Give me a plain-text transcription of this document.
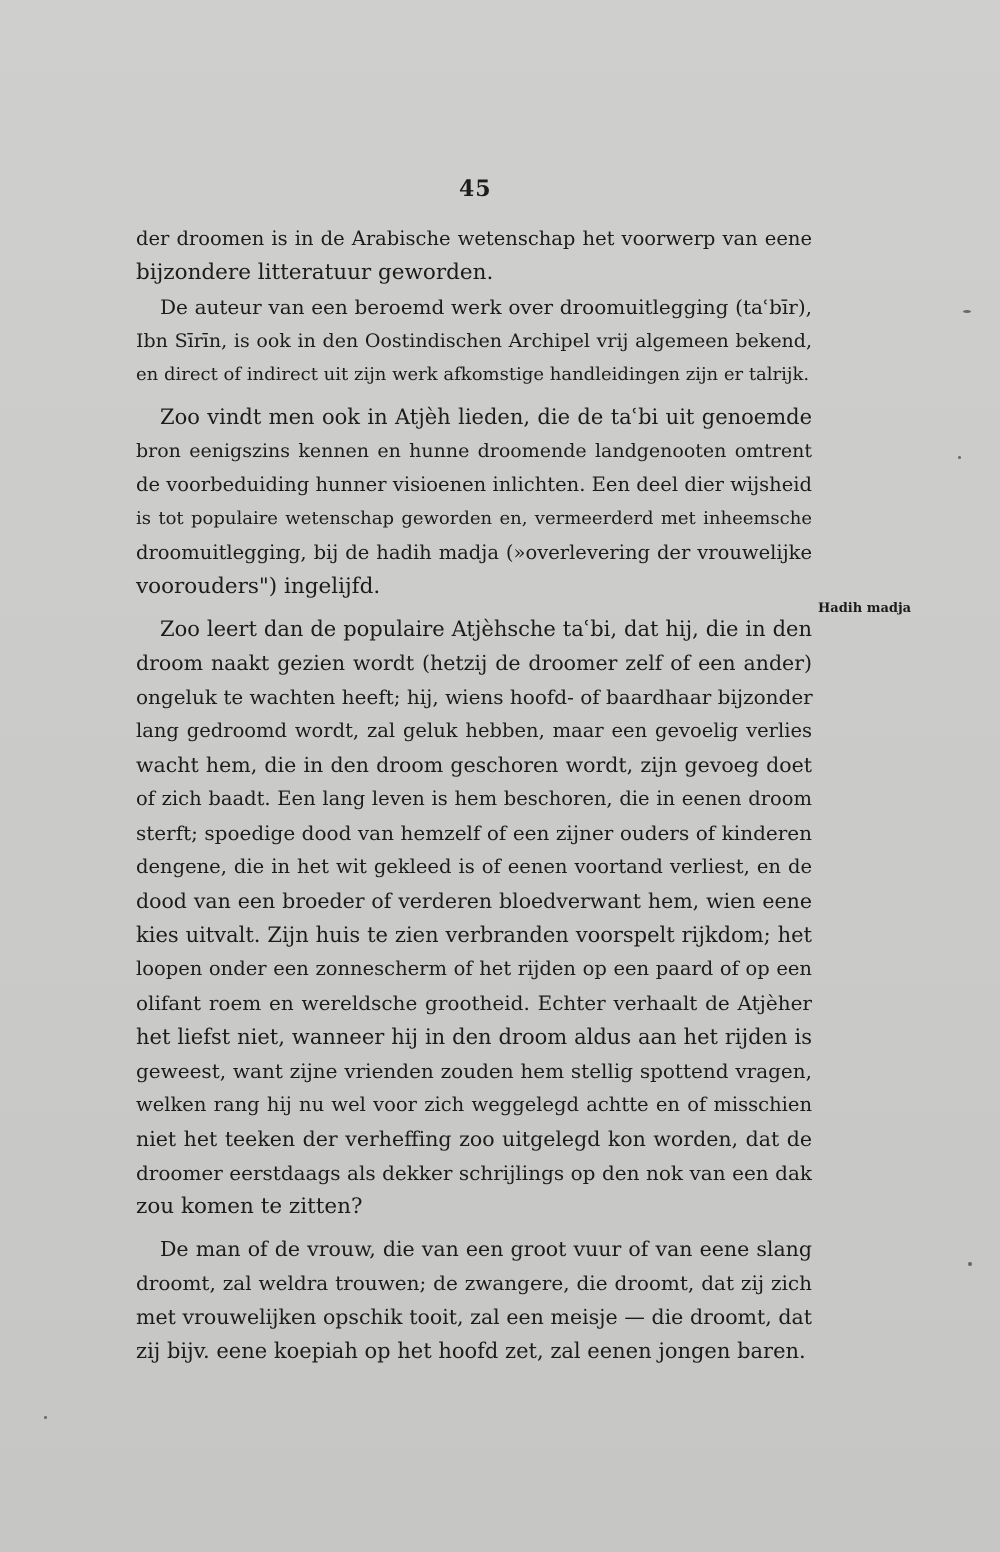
45

Hadih madja

der droomen is in de Arabische wetenschap het voorwerp van eene
bijzondere litteratuur geworden.
De auteur van een beroemd werk over droomuitlegging (taʿbīr),
Ibn Sīrīn, is ook in den Oostindischen Archipel vrij algemeen bekend,
en direct of indirect uit zijn werk afkomstige handleidingen zijn er talrijk.
Zoo vindt men ook in Atjèh lieden, die de taʿbi uit genoemde
bron eenigszins kennen en hunne droomende landgenooten omtrent
de voorbeduiding hunner visioenen inlichten. Een deel dier wijsheid
is tot populaire wetenschap geworden en, vermeerderd met inheemsche
droomuitlegging, bij de hadih madja (»overlevering der vrouwelijke
voorouders") ingelijfd.
Zoo leert dan de populaire Atjèhsche taʿbi, dat hij, die in den
droom naakt gezien wordt (hetzij de droomer zelf of een ander)
ongeluk te wachten heeft; hij, wiens hoofd- of baardhaar bijzonder
lang gedroomd wordt, zal geluk hebben, maar een gevoelig verlies
wacht hem, die in den droom geschoren wordt, zijn gevoeg doet
of zich baadt. Een lang leven is hem beschoren, die in eenen droom
sterft; spoedige dood van hemzelf of een zijner ouders of kinderen
dengene, die in het wit gekleed is of eenen voortand verliest, en de
dood van een broeder of verderen bloedverwant hem, wien eene
kies uitvalt. Zijn huis te zien verbranden voorspelt rijkdom; het
loopen onder een zonnescherm of het rijden op een paard of op een
olifant roem en wereldsche grootheid. Echter verhaalt de Atjèher
het liefst niet, wanneer hij in den droom aldus aan het rijden is
geweest, want zijne vrienden zouden hem stellig spottend vragen,
welken rang hij nu wel voor zich weggelegd achtte en of misschien
niet het teeken der verheffing zoo uitgelegd kon worden, dat de
droomer eerstdaags als dekker schrijlings op den nok van een dak
zou komen te zitten?
De man of de vrouw, die van een groot vuur of van eene slang
droomt, zal weldra trouwen; de zwangere, die droomt, dat zij zich
met vrouwelijken opschik tooit, zal een meisje — die droomt, dat
zij bijv. eene koepiah op het hoofd zet, zal eenen jongen baren.
